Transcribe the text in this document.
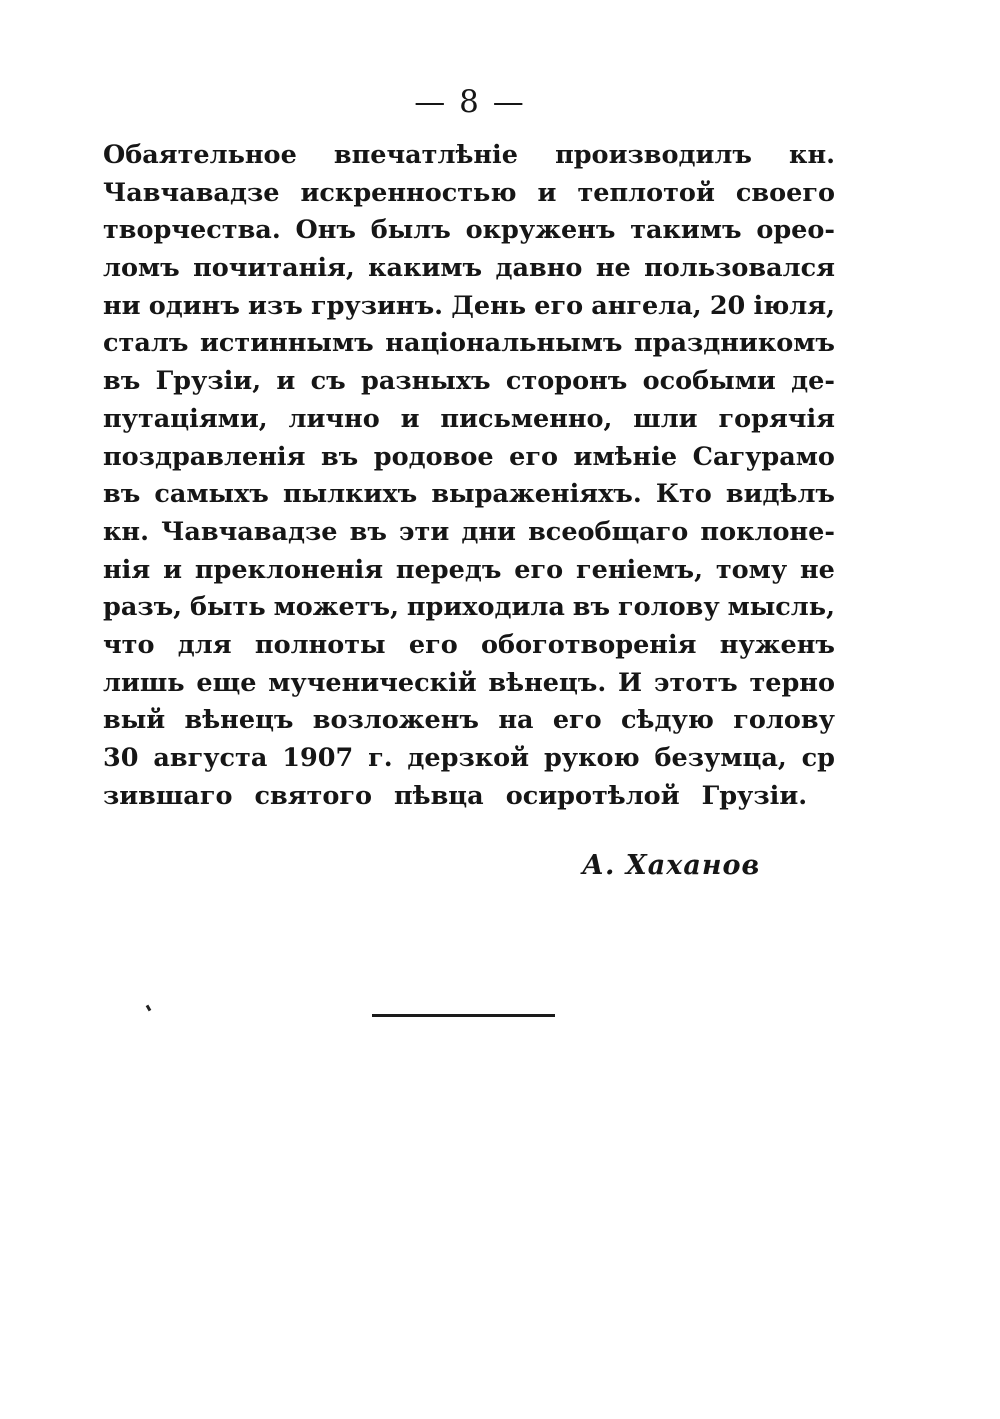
— 8 —
Обаятельное впечатлѣніе производилъ кн.
Чавчавадзе искренностью и теплотой своего
творчества. Онъ былъ окруженъ такимъ орео-
ломъ почитанія, какимъ давно не пользовался
ни одинъ изъ грузинъ. День его ангела, 20 іюля,
сталъ истиннымъ національнымъ праздникомъ
въ Грузіи, и съ разныхъ сторонъ особыми де-
путаціями, лично и письменно, шли горячія
поздравленія въ родовое его имѣніе Сагурамо
въ самыхъ пылкихъ выраженіяхъ. Кто видѣлъ
кн. Чавчавадзе въ эти дни всеобщаго поклоне-
нія и преклоненія передъ его геніемъ, тому не
разъ, быть можетъ, приходила въ голову мысль,
что для полноты его обоготворенія нуженъ
лишь еще мученическій вѣнецъ. И этотъ терно
вый вѣнецъ возложенъ на его сѣдую голову
30 августа 1907 г. дерзкой рукою безумца, ср
зившаго святого пѣвца осиротѣлой Грузіи.
А. Хаханов
